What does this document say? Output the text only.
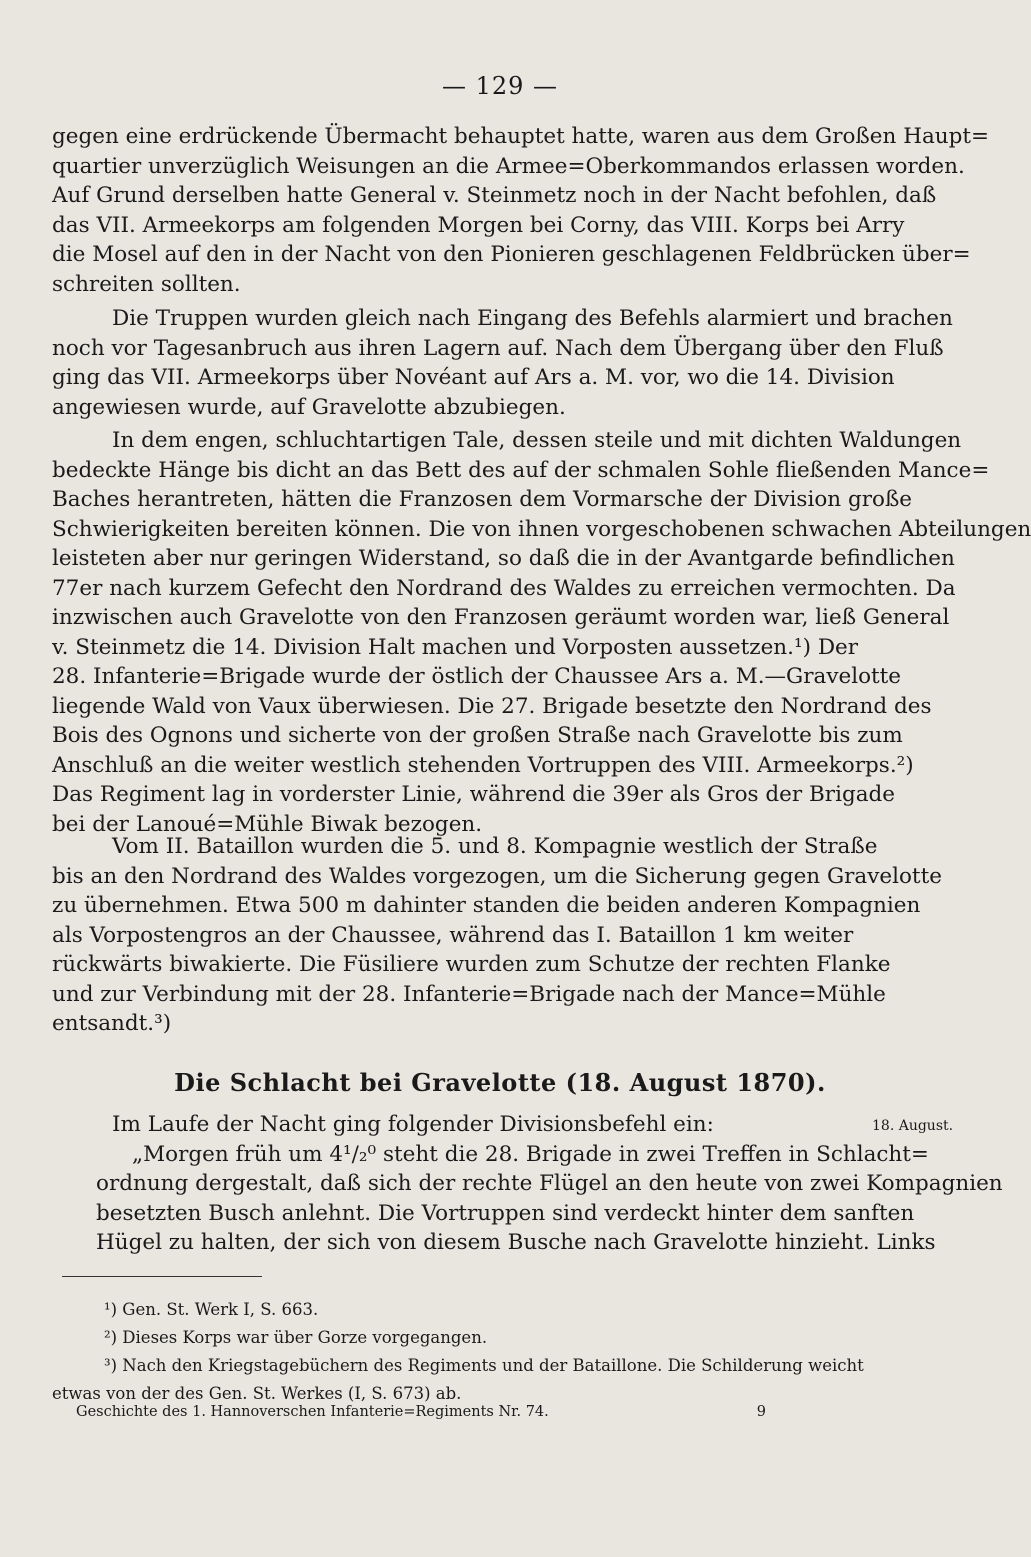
— 129 —
gegen eine erdrückende Übermacht behauptet hatte, waren aus dem Großen Haupt=
quartier unverzüglich Weisungen an die Armee=Oberkommandos erlassen worden.
Auf Grund derselben hatte General v. Steinmetz noch in der Nacht befohlen, daß
das VII. Armeekorps am folgenden Morgen bei Corny, das VIII. Korps bei Arry
die Mosel auf den in der Nacht von den Pionieren geschlagenen Feldbrücken über=
schreiten sollten.
Die Truppen wurden gleich nach Eingang des Befehls alarmiert und brachen
noch vor Tagesanbruch aus ihren Lagern auf. Nach dem Übergang über den Fluß
ging das VII. Armeekorps über Novéant auf Ars a. M. vor, wo die 14. Division
angewiesen wurde, auf Gravelotte abzubiegen.
In dem engen, schluchtartigen Tale, dessen steile und mit dichten Waldungen
bedeckte Hänge bis dicht an das Bett des auf der schmalen Sohle fließenden Mance=
Baches herantreten, hätten die Franzosen dem Vormarsche der Division große
Schwierigkeiten bereiten können. Die von ihnen vorgeschobenen schwachen Abteilungen
leisteten aber nur geringen Widerstand, so daß die in der Avantgarde befindlichen
77er nach kurzem Gefecht den Nordrand des Waldes zu erreichen vermochten. Da
inzwischen auch Gravelotte von den Franzosen geräumt worden war, ließ General
v. Steinmetz die 14. Division Halt machen und Vorposten aussetzen.¹) Der
28. Infanterie=Brigade wurde der östlich der Chaussee Ars a. M.—Gravelotte
liegende Wald von Vaux überwiesen. Die 27. Brigade besetzte den Nordrand des
Bois des Ognons und sicherte von der großen Straße nach Gravelotte bis zum
Anschluß an die weiter westlich stehenden Vortruppen des VIII. Armeekorps.²)
Das Regiment lag in vorderster Linie, während die 39er als Gros der Brigade
bei der Lanoué=Mühle Biwak bezogen.
Vom II. Bataillon wurden die 5. und 8. Kompagnie westlich der Straße
bis an den Nordrand des Waldes vorgezogen, um die Sicherung gegen Gravelotte
zu übernehmen. Etwa 500 m dahinter standen die beiden anderen Kompagnien
als Vorpostengros an der Chaussee, während das I. Bataillon 1 km weiter
rückwärts biwakierte. Die Füsiliere wurden zum Schutze der rechten Flanke
und zur Verbindung mit der 28. Infanterie=Brigade nach der Mance=Mühle
entsandt.³)
Die Schlacht bei Gravelotte (18. August 1870).
18. August.
Im Laufe der Nacht ging folgender Divisionsbefehl ein:
„Morgen früh um 4¹/₂⁰ steht die 28. Brigade in zwei Treffen in Schlacht=
ordnung dergestalt, daß sich der rechte Flügel an den heute von zwei Kompagnien
besetzten Busch anlehnt. Die Vortruppen sind verdeckt hinter dem sanften
Hügel zu halten, der sich von diesem Busche nach Gravelotte hinzieht. Links
¹) Gen. St. Werk I, S. 663.
²) Dieses Korps war über Gorze vorgegangen.
³) Nach den Kriegstagebüchern des Regiments und der Bataillone. Die Schilderung weicht
etwas von der des Gen. St. Werkes (I, S. 673) ab.
Geschichte des 1. Hannoverschen Infanterie=Regiments Nr. 74.	9
